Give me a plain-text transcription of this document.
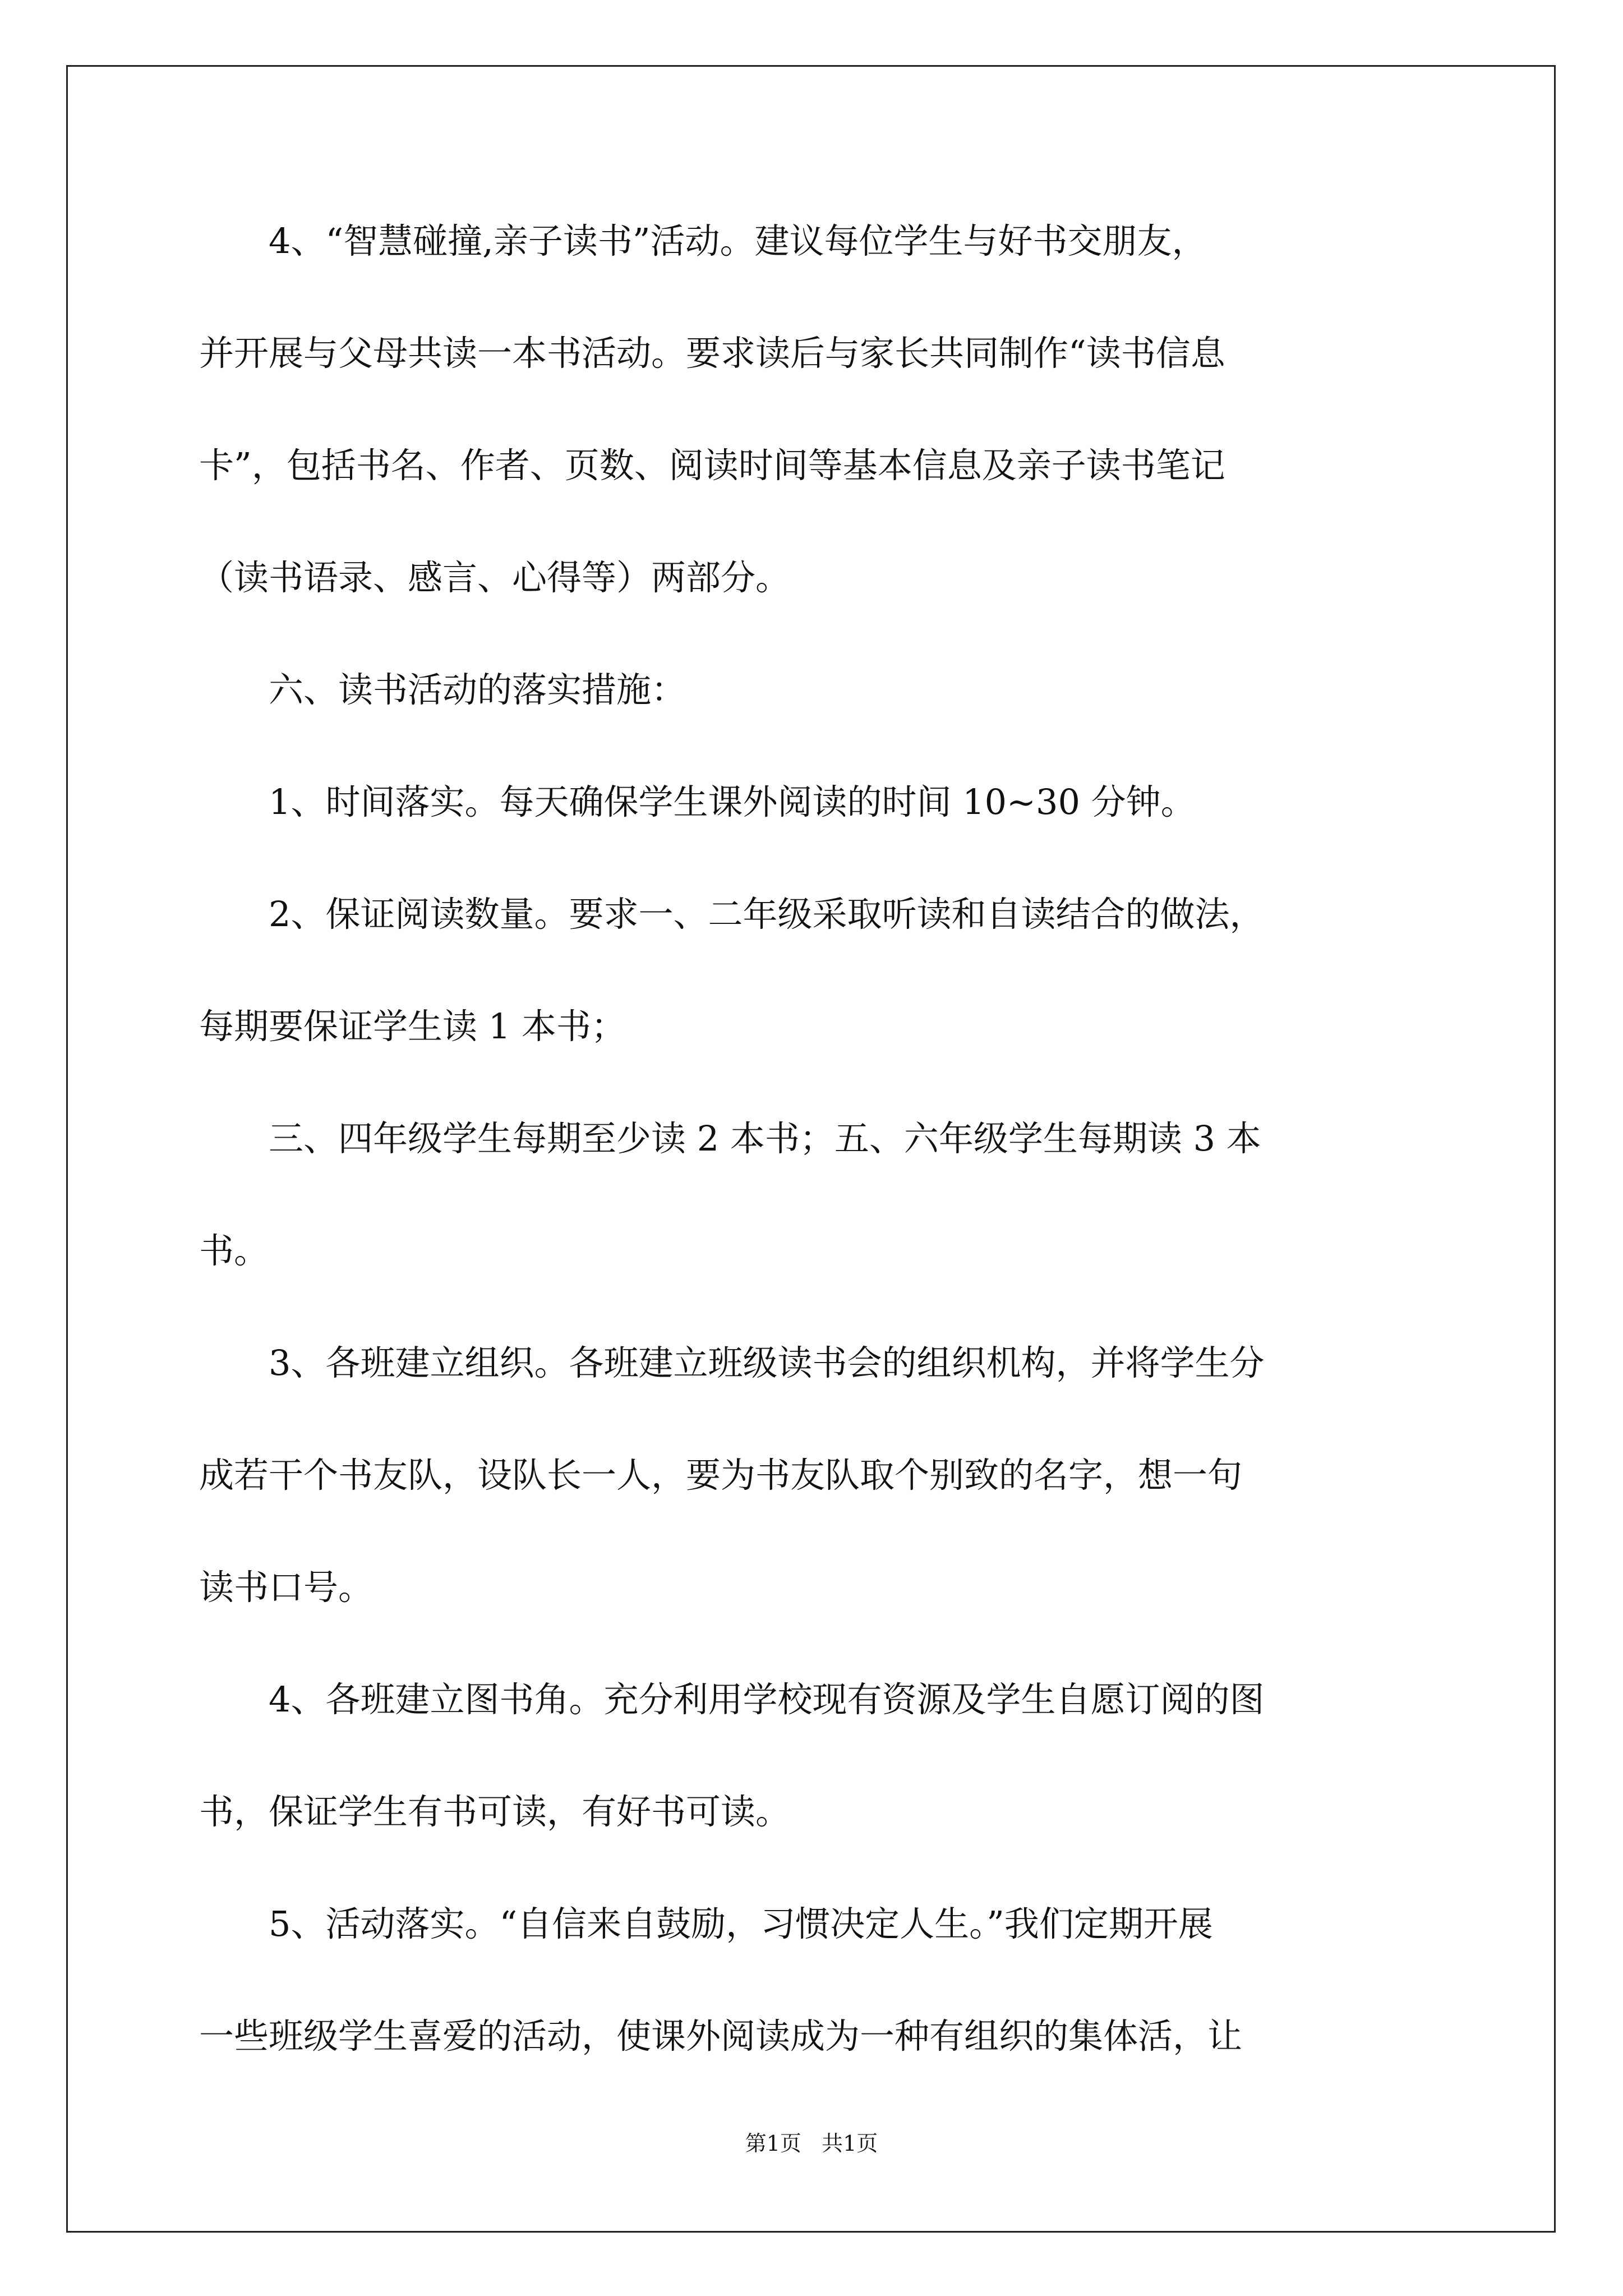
4、“智慧碰撞,亲子读书”活动。建议每位学生与好书交朋友，
并开展与父母共读一本书活动。要求读后与家长共同制作“读书信息
卡”，包括书名、作者、页数、阅读时间等基本信息及亲子读书笔记
（读书语录、感言、心得等）两部分。
六、读书活动的落实措施：
1、时间落实。每天确保学生课外阅读的时间 10~30 分钟。
2、保证阅读数量。要求一、二年级采取听读和自读结合的做法，
每期要保证学生读 1 本书；
三、四年级学生每期至少读 2 本书；五、六年级学生每期读 3 本
书。
3、各班建立组织。各班建立班级读书会的组织机构，并将学生分
成若干个书友队，设队长一人，要为书友队取个别致的名字，想一句
读书口号。
4、各班建立图书角。充分利用学校现有资源及学生自愿订阅的图
书，保证学生有书可读，有好书可读。
5、活动落实。“自信来自鼓励，习惯决定人生。”我们定期开展
一些班级学生喜爱的活动，使课外阅读成为一种有组织的集体活，让
第1页   共1页
